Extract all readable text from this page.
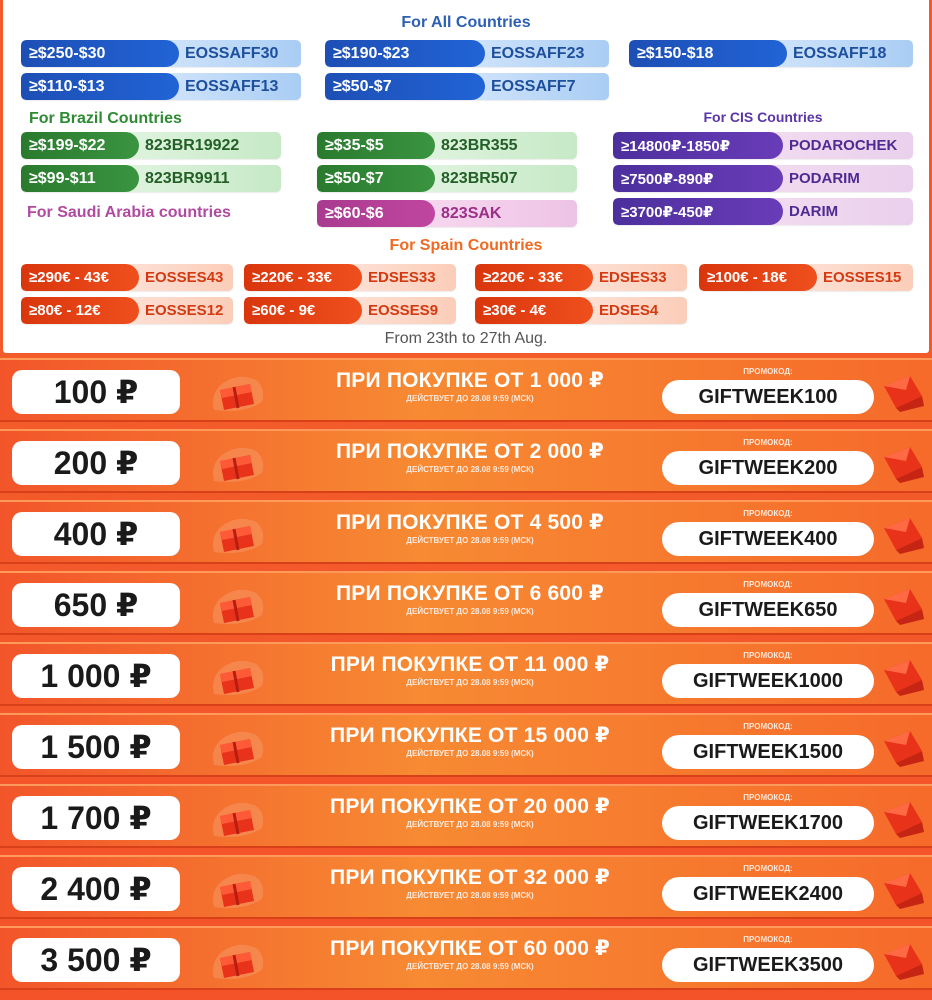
For All Countries
≥$250-$30	EOSSAFF30	≥$190-$23	EOSSAFF23	≥$150-$18	EOSSAFF18
≥$110-$13	EOSSAFF13	≥$50-$7	EOSSAFF7
For Brazil Countries
≥$199-$22	823BR19922	≥$35-$5	823BR355
≥$99-$11	823BR9911	≥$50-$7	823BR507
For Saudi Arabia countries	≥$60-$6	823SAK
For CIS Countries
≥14800₽-1850₽	PODAROCHEK
≥7500₽-890₽	PODARIM
≥3700₽-450₽	DARIM
For Spain Countries
≥290€ - 43€	EOSSES43	≥220€ - 33€	EDSES33	≥220€ - 33€	EDSES33	≥100€ - 18€	EOSSES15
≥80€ - 12€	EOSSES12	≥60€ - 9€	EOSSES9	≥30€ - 4€	EDSES4
From 23th to 27th Aug.
100 ₽	ПРИ ПОКУПКЕ ОТ 1 000 ₽
ДЕЙСТВУЕТ ДО 28.08 9:59 (МСК)
ПРОМОКОД:
GIFTWEEK100
200 ₽	ПРИ ПОКУПКЕ ОТ 2 000 ₽
ДЕЙСТВУЕТ ДО 28.08 9:59 (МСК)
ПРОМОКОД:
GIFTWEEK200
400 ₽	ПРИ ПОКУПКЕ ОТ 4 500 ₽
ДЕЙСТВУЕТ ДО 28.08 9:59 (МСК)
ПРОМОКОД:
GIFTWEEK400
650 ₽	ПРИ ПОКУПКЕ ОТ 6 600 ₽
ДЕЙСТВУЕТ ДО 28.08 9:59 (МСК)
ПРОМОКОД:
GIFTWEEK650
1 000 ₽	ПРИ ПОКУПКЕ ОТ 11 000 ₽
ДЕЙСТВУЕТ ДО 28.08 9:59 (МСК)
ПРОМОКОД:
GIFTWEEK1000
1 500 ₽	ПРИ ПОКУПКЕ ОТ 15 000 ₽
ДЕЙСТВУЕТ ДО 28.08 9:59 (МСК)
ПРОМОКОД:
GIFTWEEK1500
1 700 ₽	ПРИ ПОКУПКЕ ОТ 20 000 ₽
ДЕЙСТВУЕТ ДО 28.08 9:59 (МСК)
ПРОМОКОД:
GIFTWEEK1700
2 400 ₽	ПРИ ПОКУПКЕ ОТ 32 000 ₽
ДЕЙСТВУЕТ ДО 28.08 9:59 (МСК)
ПРОМОКОД:
GIFTWEEK2400
3 500 ₽	ПРИ ПОКУПКЕ ОТ 60 000 ₽
ДЕЙСТВУЕТ ДО 28.08 9:59 (МСК)
ПРОМОКОД:
GIFTWEEK3500
